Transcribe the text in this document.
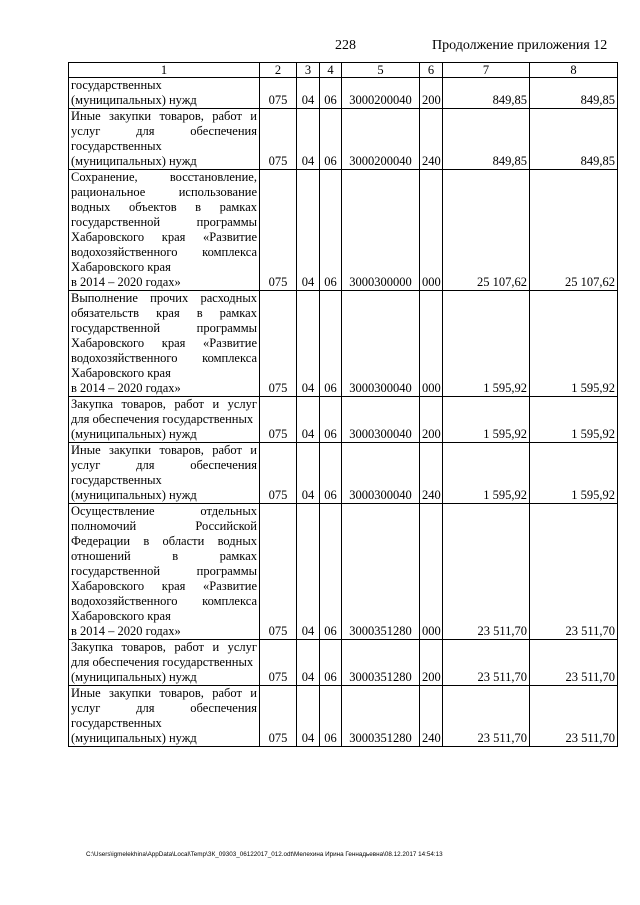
228	Продолжение приложения 12
1	2	3	4	5	6	7	8
государственных
(муниципальных) нужд	075	04	06	3000200040	200	849,85	849,85
Иные закупки товаров, работ и услуг для обеспечения государственных
(муниципальных) нужд	075	04	06	3000200040	240	849,85	849,85
Сохранение, восстановление, рациональное использование водных объектов в рамках государственной программы Хабаровского края «Развитие водохозяйственного комплекса Хабаровского края
в 2014 – 2020 годах»	075	04	06	3000300000	000	25 107,62	25 107,62
Выполнение прочих расходных обязательств края в рамках государственной программы Хабаровского края «Развитие водохозяйственного комплекса Хабаровского края
в 2014 – 2020 годах»	075	04	06	3000300040	000	1 595,92	1 595,92
Закупка товаров, работ и услуг для обеспечения государственных
(муниципальных) нужд	075	04	06	3000300040	200	1 595,92	1 595,92
Иные закупки товаров, работ и услуг для обеспечения государственных
(муниципальных) нужд	075	04	06	3000300040	240	1 595,92	1 595,92
Осуществление отдельных полномочий Российской Федерации в области водных отношений в рамках государственной программы Хабаровского края «Развитие водохозяйственного комплекса Хабаровского края
в 2014 – 2020 годах»	075	04	06	3000351280	000	23 511,70	23 511,70
Закупка товаров, работ и услуг для обеспечения государственных
(муниципальных) нужд	075	04	06	3000351280	200	23 511,70	23 511,70
Иные закупки товаров, работ и услуг для обеспечения государственных
(муниципальных) нужд	075	04	06	3000351280	240	23 511,70	23 511,70
C:\Users\igmelekhina\AppData\Local\Temp\ЗК_09303_06122017_012.odt\Мелехина Ирина Геннадьевна\08.12.2017 14:54:13
